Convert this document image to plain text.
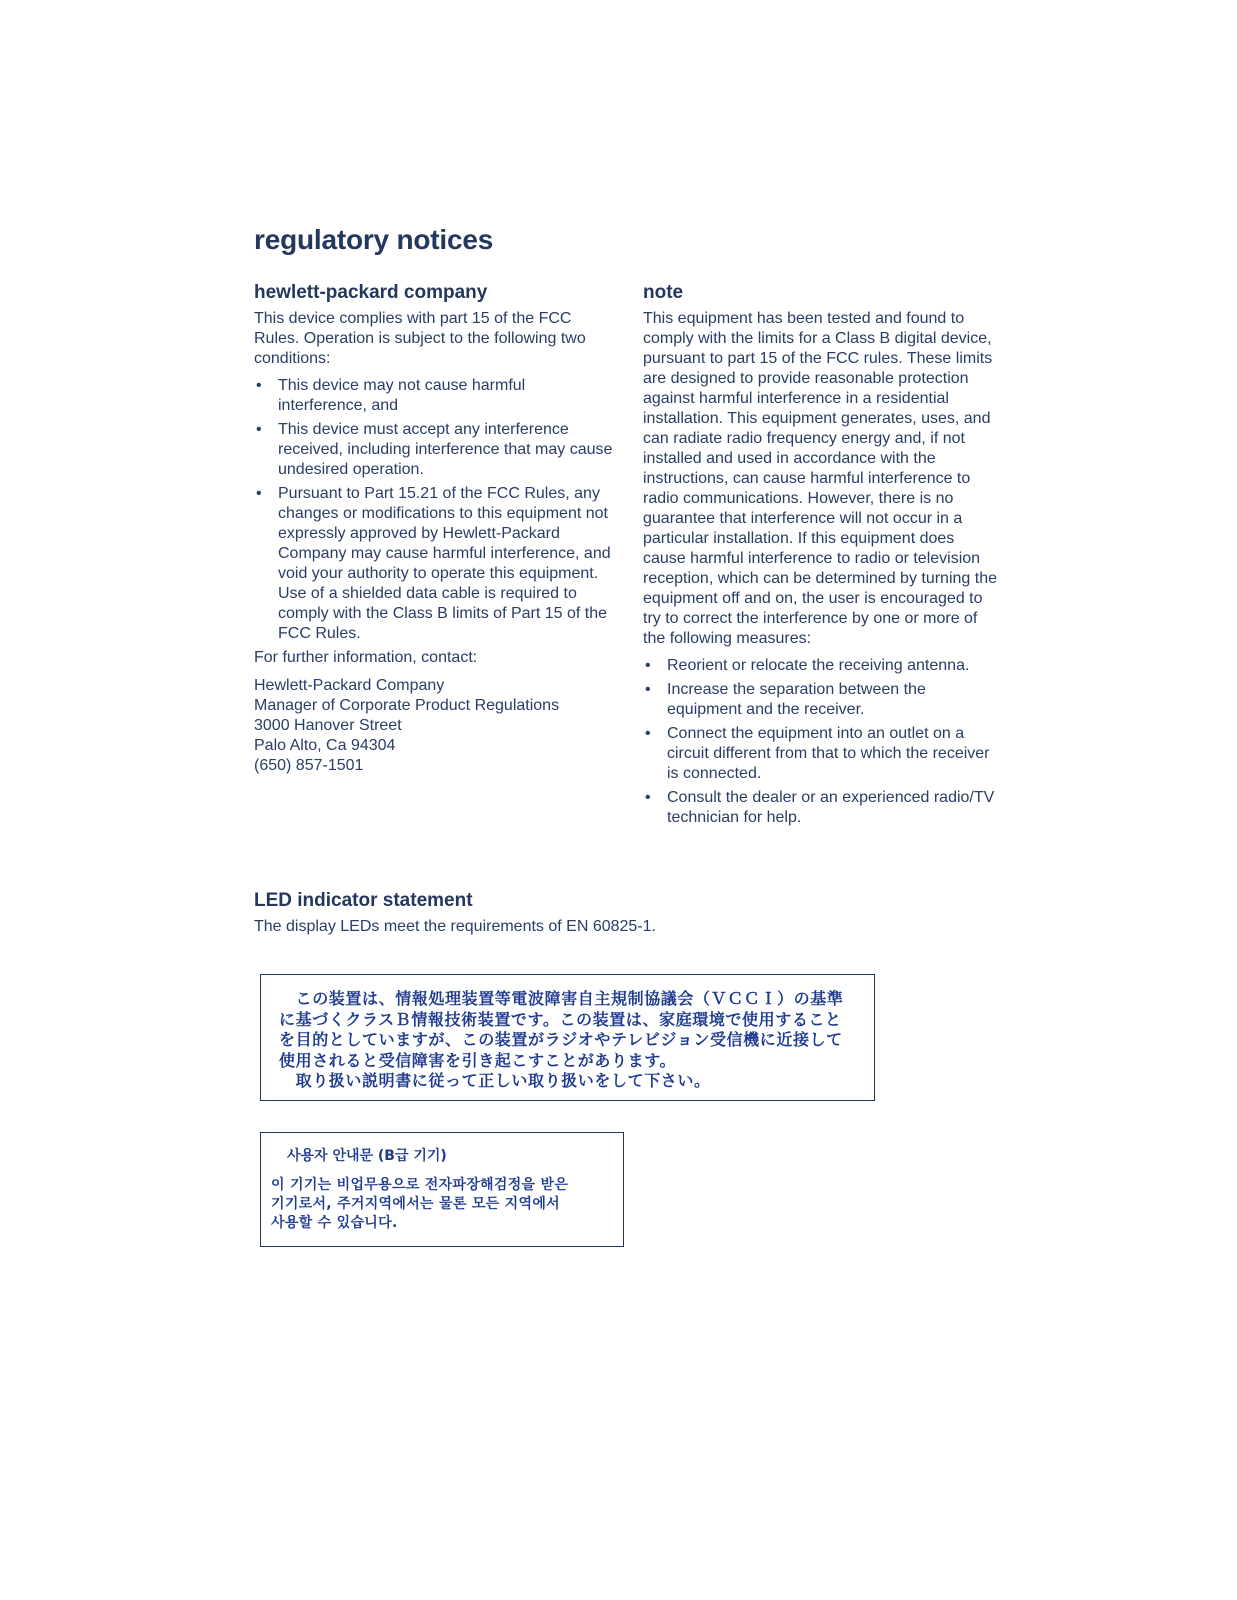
regulatory notices
hewlett-packard company

This device complies with part 15 of the FCC Rules. Operation is subject to the following two conditions:

• This device may not cause harmful interference, and
• This device must accept any interference received, including interference that may cause undesired operation.
• Pursuant to Part 15.21 of the FCC Rules, any changes or modifications to this equipment not expressly approved by Hewlett-Packard Company may cause harmful interference, and void your authority to operate this equipment. Use of a shielded data cable is required to comply with the Class B limits of Part 15 of the FCC Rules.

For further information, contact:

Hewlett-Packard Company
Manager of Corporate Product Regulations
3000 Hanover Street
Palo Alto, Ca 94304
(650) 857-1501
note

This equipment has been tested and found to comply with the limits for a Class B digital device, pursuant to part 15 of the FCC rules. These limits are designed to provide reasonable protection against harmful interference in a residential installation. This equipment generates, uses, and can radiate radio frequency energy and, if not installed and used in accordance with the instructions, can cause harmful interference to radio communications. However, there is no guarantee that interference will not occur in a particular installation. If this equipment does cause harmful interference to radio or television reception, which can be determined by turning the equipment off and on, the user is encouraged to try to correct the interference by one or more of the following measures:

• Reorient or relocate the receiving antenna.
• Increase the separation between the equipment and the receiver.
• Connect the equipment into an outlet on a circuit different from that to which the receiver is connected.
• Consult the dealer or an experienced radio/TV technician for help.
LED indicator statement

The display LEDs meet the requirements of EN 60825-1.

　この装置は、情報処理装置等電波障害自主規制協議会（ＶＣＣＩ）の基準
に基づくクラスＢ情報技術装置です。この装置は、家庭環境で使用すること
を目的としていますが、この装置がラジオやテレビジョン受信機に近接して
使用されると受信障害を引き起こすことがあります。
　取り扱い説明書に従って正しい取り扱いをして下さい。
사용자 안내문 (B급 기기)
이 기기는 비업무용으로 전자파장해검정을 받은
기기로서, 주거지역에서는 물론 모든 지역에서
사용할 수 있습니다.
